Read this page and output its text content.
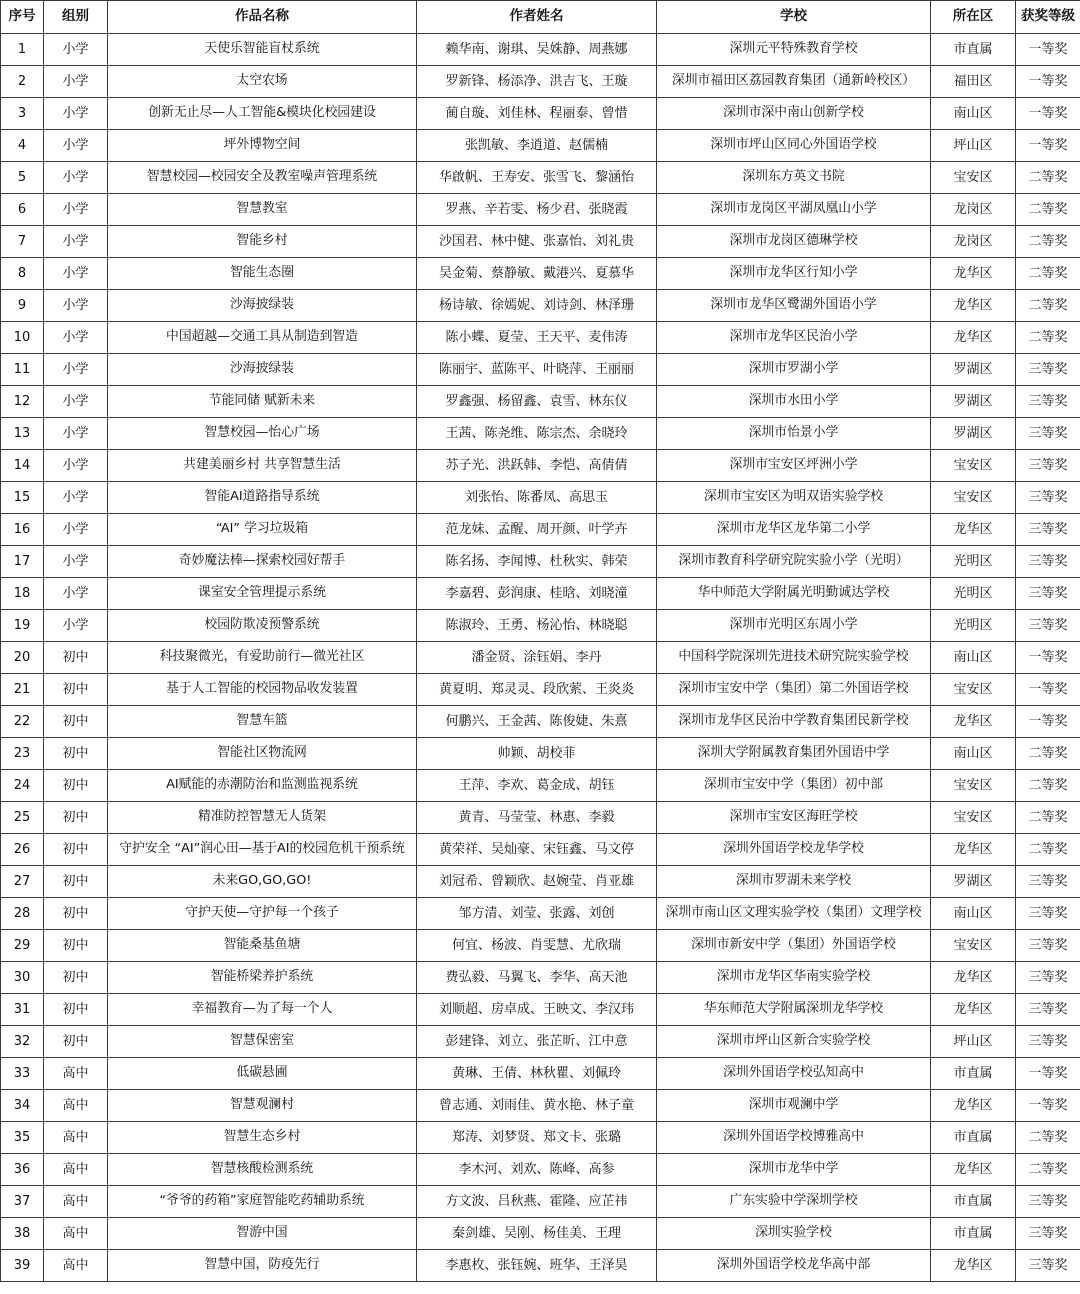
序号	组别	作品名称	作者姓名	学校	所在区	获奖等级
1	小学	天使乐智能盲杖系统	赖华南、谢琪、吴姝静、周燕娜	深圳元平特殊教育学校	市直属	一等奖
2	小学	太空农场	罗新锋、杨添净、洪吉飞、王璇	深圳市福田区荔园教育集团（通新岭校区）	福田区	一等奖
3	小学	创新无止尽—人工智能&模块化校园建设	蔺自璇、刘佳林、程丽泰、曾惜	深圳市深中南山创新学校	南山区	一等奖
4	小学	坪外博物空间	张凯敏、李逍道、赵儒楠	深圳市坪山区同心外国语学校	坪山区	一等奖
5	小学	智慧校园—校园安全及教室噪声管理系统	华啟帆、王寿安、张雪飞、黎涵怡	深圳东方英文书院	宝安区	二等奖
6	小学	智慧教室	罗燕、辛若雯、杨少君、张晓霞	深圳市龙岗区平湖凤凰山小学	龙岗区	二等奖
7	小学	智能乡村	沙国君、林中健、张嘉怡、刘礼贵	深圳市龙岗区德琳学校	龙岗区	二等奖
8	小学	智能生态圈	吴金菊、蔡静敏、戴港兴、夏慕华	深圳市龙华区行知小学	龙华区	二等奖
9	小学	沙海披绿装	杨诗敏、徐嫣妮、刘诗剑、林泽珊	深圳市龙华区鹭湖外国语小学	龙华区	二等奖
10	小学	中国超越—交通工具从制造到智造	陈小蝶、夏莹、王天平、麦伟涛	深圳市龙华区民治小学	龙华区	二等奖
11	小学	沙海披绿装	陈丽宇、蓝陈平、叶晓萍、王丽丽	深圳市罗湖小学	罗湖区	三等奖
12	小学	节能同储 赋新未来	罗鑫强、杨留鑫、袁雪、林东仪	深圳市水田小学	罗湖区	三等奖
13	小学	智慧校园—怡心广场	王茜、陈尧维、陈宗杰、余晓玲	深圳市怡景小学	罗湖区	三等奖
14	小学	共建美丽乡村 共享智慧生活	苏子光、洪跃韩、李恺、高倩倩	深圳市宝安区坪洲小学	宝安区	三等奖
15	小学	智能AI道路指导系统	刘张怡、陈番凤、高思玉	深圳市宝安区为明双语实验学校	宝安区	三等奖
16	小学	“AI” 学习垃圾箱	范龙妹、孟醒、周开颜、叶学卉	深圳市龙华区龙华第二小学	龙华区	三等奖
17	小学	奇妙魔法棒—探索校园好帮手	陈名扬、李闻博、杜秋实、韩荣	深圳市教育科学研究院实验小学（光明）	光明区	三等奖
18	小学	课室安全管理提示系统	李嘉碧、彭润康、桂晗、刘晓潼	华中师范大学附属光明勤诚达学校	光明区	三等奖
19	小学	校园防欺凌预警系统	陈淑玲、王勇、杨沁怡、林晓聪	深圳市光明区东周小学	光明区	三等奖
20	初中	科技聚微光，有爱助前行—微光社区	潘金贤、涂钰娟、李丹	中国科学院深圳先进技术研究院实验学校	南山区	一等奖
21	初中	基于人工智能的校园物品收发装置	黄夏明、郑灵灵、段欣萦、王炎炎	深圳市宝安中学（集团）第二外国语学校	宝安区	一等奖
22	初中	智慧车篮	何鹏兴、王金茜、陈俊婕、朱熹	深圳市龙华区民治中学教育集团民新学校	龙华区	一等奖
23	初中	智能社区物流网	帅颖、胡校菲	深圳大学附属教育集团外国语中学	南山区	二等奖
24	初中	AI赋能的赤潮防治和监测监视系统	王萍、李欢、葛金成、胡钰	深圳市宝安中学（集团）初中部	宝安区	二等奖
25	初中	精准防控智慧无人货架	黄青、马莹莹、林惠、李毅	深圳市宝安区海旺学校	宝安区	二等奖
26	初中	守护安全 “AI”润心田—基于AI的校园危机干预系统	黄荣祥、吴灿豪、宋钰鑫、马文停	深圳外国语学校龙华学校	龙华区	二等奖
27	初中	未来GO,GO,GO!	刘冠希、曾颖欣、赵婉莹、肖亚雄	深圳市罗湖未来学校	罗湖区	三等奖
28	初中	守护天使—守护每一个孩子	邹方清、刘莹、张露、刘创	深圳市南山区文理实验学校（集团）文理学校	南山区	三等奖
29	初中	智能桑基鱼塘	何宜、杨波、肖雯慧、尤欣瑞	深圳市新安中学（集团）外国语学校	宝安区	三等奖
30	初中	智能桥梁养护系统	费弘毅、马翼飞、李华、高天池	深圳市龙华区华南实验学校	龙华区	三等奖
31	初中	幸福教育—为了每一个人	刘顺超、房卓成、王映文、李汉玮	华东师范大学附属深圳龙华学校	龙华区	三等奖
32	初中	智慧保密室	彭建锋、刘立、张芷昕、江中意	深圳市坪山区新合实验学校	坪山区	三等奖
33	高中	低碳悬圃	黄琳、王倩、林秋瞿、刘佩玲	深圳外国语学校弘知高中	市直属	一等奖
34	高中	智慧观澜村	曾志通、刘雨佳、黄水艳、林子童	深圳市观澜中学	龙华区	一等奖
35	高中	智慧生态乡村	郑涛、刘梦贤、郑文卡、张璐	深圳外国语学校博雅高中	市直属	二等奖
36	高中	智慧核酸检测系统	李木河、刘欢、陈峰、高参	深圳市龙华中学	龙华区	二等奖
37	高中	“爷爷的药箱”家庭智能吃药辅助系统	方文波、吕秋燕、霍隆、应芷祎	广东实验中学深圳学校	市直属	三等奖
38	高中	智游中国	秦剑雄、吴刚、杨佳美、王理	深圳实验学校	市直属	三等奖
39	高中	智慧中国，防疫先行	李惠枚、张钰婉、班华、王泽昊	深圳外国语学校龙华高中部	龙华区	三等奖
